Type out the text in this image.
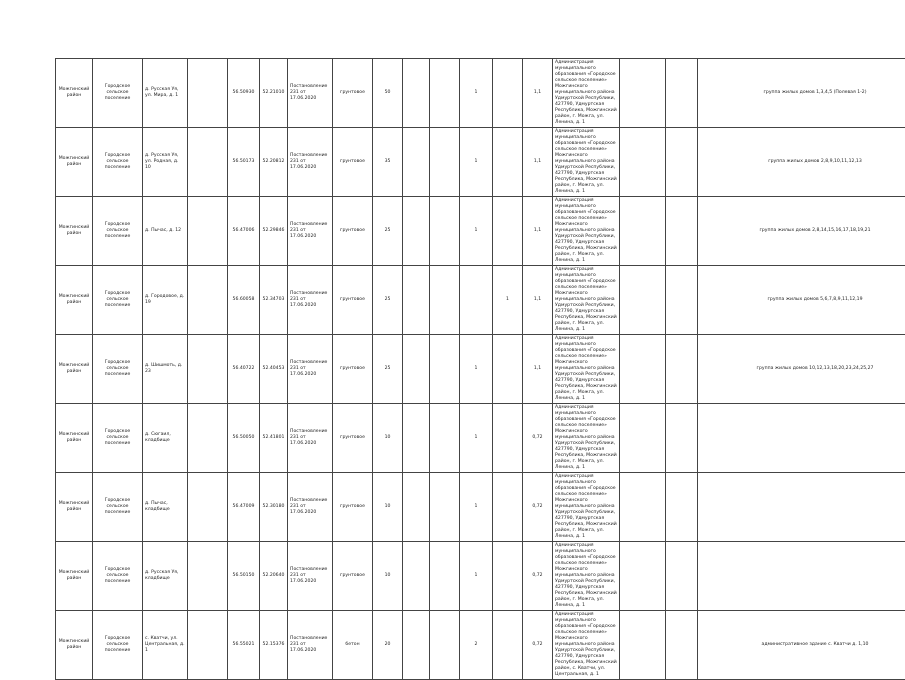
Можгинский район	Городское сельское поселение	д. Русская Уя, ул. Мира, д. 1		56.50930	52.21010	Постановление 231 от 17.06.2020	грунтовое	50			1		1,1	Администрация муниципального образования «Городское сельское поселение» Можгинского муниципального района Удмуртской Республики, 427790, Удмуртская Республика, Можгинский район, г. Можга, ул. Ленина, д. 1			группа жилых домов 1,3,4,5 (Полевая 1-2)
Можгинский район	Городское сельское поселение	д. Русская Уя, ул. Родная, д. 10		56.50173	52.20812	Постановление 231 от 17.06.2020	грунтовое	35			1		1,1	Администрация муниципального образования «Городское сельское поселение» Можгинского муниципального района Удмуртской Республики, 427790, Удмуртская Республика, Можгинский район, г. Можга, ул. Ленина, д. 1			группа жилых домов 2,8,9,10,11,12,13
Можгинский район	Городское сельское поселение	д. Пычас, д. 12		56.47006	52.29846	Постановление 231 от 17.06.2020	грунтовое	25			1		1,1	Администрация муниципального образования «Городское сельское поселение» Можгинского муниципального района Удмуртской Республики, 427790, Удмуртская Республика, Можгинский район, г. Можга, ул. Ленина, д. 1			группа жилых домов 2,8,14,15,16,17,18,19,21
Можгинский район	Городское сельское поселение	д. Городовое, д. 19		56.60058	52.34703	Постановление 231 от 17.06.2020	грунтовое	25				1	1,1	Администрация муниципального образования «Городское сельское поселение» Можгинского муниципального района Удмуртской Республики, 427790, Удмуртская Республика, Можгинский район, г. Можга, ул. Ленина, д. 1			группа жилых домов 5,6,7,8,9,11,12,19
Можгинский район	Городское сельское поселение	д. Шишмоть, д. 23		56.40722	52.40453	Постановление 231 от 17.06.2020	грунтовое	25			1		1,1	Администрация муниципального образования «Городское сельское поселение» Можгинского муниципального района Удмуртской Республики, 427790, Удмуртская Республика, Можгинский район, г. Можга, ул. Ленина, д. 1			группа жилых домов 10,12,13,18,20,23,24,25,27
Можгинский район	Городское сельское поселение	д. Сюгаил, кладбище		56.50050	52.41801	Постановление 231 от 17.06.2020	грунтовое	10			1		0,72	Администрация муниципального образования «Городское сельское поселение» Можгинского муниципального района Удмуртской Республики, 427790, Удмуртская Республика, Можгинский район, г. Можга, ул. Ленина, д. 1			
Можгинский район	Городское сельское поселение	д. Пычас, кладбище		56.47009	52.30180	Постановление 231 от 17.06.2020	грунтовое	10			1		0,72	Администрация муниципального образования «Городское сельское поселение» Можгинского муниципального района Удмуртской Республики, 427790, Удмуртская Республика, Можгинский район, г. Можга, ул. Ленина, д. 1			
Можгинский район	Городское сельское поселение	д. Русская Уя, кладбище		56.50150	52.20640	Постановление 231 от 17.06.2020	грунтовое	10			1		0,72	Администрация муниципального образования «Городское сельское поселение» Можгинского муниципального района Удмуртской Республики, 427790, Удмуртская Республика, Можгинский район, г. Можга, ул. Ленина, д. 1			
Можгинский район	Городское сельское поселение	с. Кватчи, ул. Центральная, д. 1		56.55021	52.15376	Постановление 231 от 17.06.2020	бетон	20			2		0,72	Администрация муниципального образования «Городское сельское поселение» Можгинского муниципального района Удмуртской Республики, 427790, Удмуртская Республика, Можгинский район, с. Кватчи, ул. Центральная, д. 1			административное здание с. Кватчи д. 1,10
